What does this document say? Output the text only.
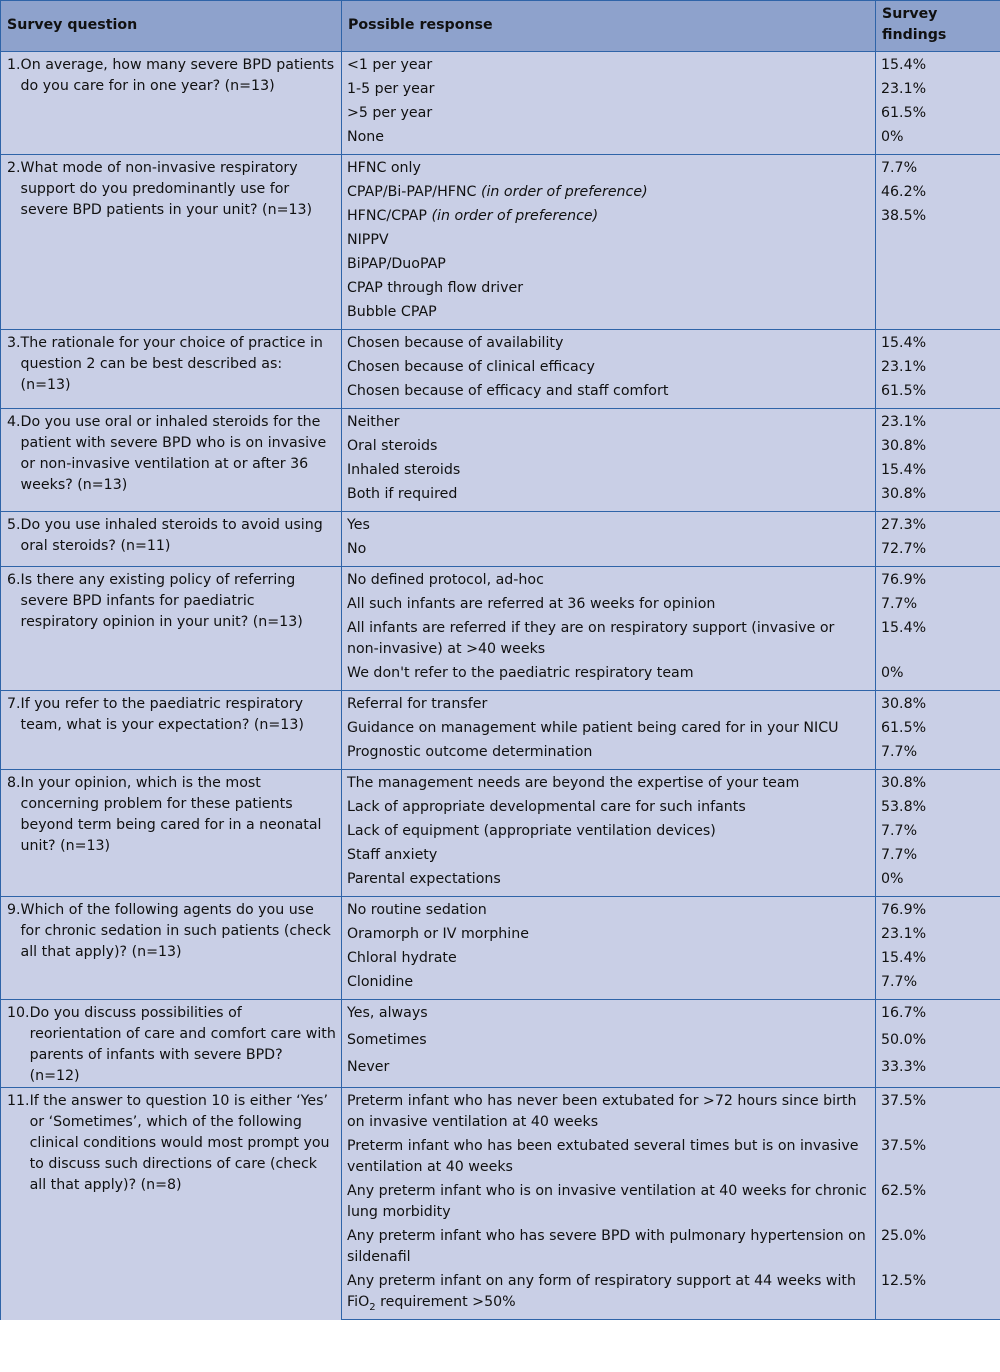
Survey question	Possible response	Survey findings

1. On average, how many severe BPD patients do you care for in one year? (n=13)	<1 per year	15.4%
	1-5 per year	23.1%
	>5 per year	61.5%
	None	0%

2. What mode of non-invasive respiratory support do you predominantly use for severe BPD patients in your unit? (n=13)	HFNC only	7.7%
	CPAP/Bi-PAP/HFNC (in order of preference)	46.2%
	HFNC/CPAP (in order of preference)	38.5%
	NIPPV	
	BiPAP/DuoPAP	
	CPAP through flow driver	
	Bubble CPAP	

3. The rationale for your choice of practice in question 2 can be best described as: (n=13)	Chosen because of availability	15.4%
	Chosen because of clinical efficacy	23.1%
	Chosen because of efficacy and staff comfort	61.5%

4. Do you use oral or inhaled steroids for the patient with severe BPD who is on invasive or non-invasive ventilation at or after 36 weeks? (n=13)	Neither	23.1%
	Oral steroids	30.8%
	Inhaled steroids	15.4%
	Both if required	30.8%

5. Do you use inhaled steroids to avoid using oral steroids? (n=11)	Yes	27.3%
	No	72.7%

6. Is there any existing policy of referring severe BPD infants for paediatric respiratory opinion in your unit? (n=13)	No defined protocol, ad-hoc	76.9%
	All such infants are referred at 36 weeks for opinion	7.7%
	All infants are referred if they are on respiratory support (invasive or non-invasive) at >40 weeks	15.4%
	We don't refer to the paediatric respiratory team	0%

7. If you refer to the paediatric respiratory team, what is your expectation? (n=13)	Referral for transfer	30.8%
	Guidance on management while patient being cared for in your NICU	61.5%
	Prognostic outcome determination	7.7%

8. In your opinion, which is the most concerning problem for these patients beyond term being cared for in a neonatal unit? (n=13)	The management needs are beyond the expertise of your team	30.8%
	Lack of appropriate developmental care for such infants	53.8%
	Lack of equipment (appropriate ventilation devices)	7.7%
	Staff anxiety	7.7%
	Parental expectations	0%

9. Which of the following agents do you use for chronic sedation in such patients (check all that apply)? (n=13)	No routine sedation	76.9%
	Oramorph or IV morphine	23.1%
	Chloral hydrate	15.4%
	Clonidine	7.7%

10. Do you discuss possibilities of reorientation of care and comfort care with parents of infants with severe BPD? (n=12)	Yes, always	16.7%
	Sometimes	50.0%
	Never	33.3%

11. If the answer to question 10 is either ‘Yes’ or ‘Sometimes’, which of the following clinical conditions would most prompt you to discuss such directions of care (check all that apply)? (n=8)	Preterm infant who has never been extubated for >72 hours since birth on invasive ventilation at 40 weeks	37.5%
	Preterm infant who has been extubated several times but is on invasive ventilation at 40 weeks	37.5%
	Any preterm infant who is on invasive ventilation at 40 weeks for chronic lung morbidity	62.5%
	Any preterm infant who has severe BPD with pulmonary hypertension on sildenafil	25.0%
	Any preterm infant on any form of respiratory support at 44 weeks with FiO$_2$ requirement >50%	12.5%
